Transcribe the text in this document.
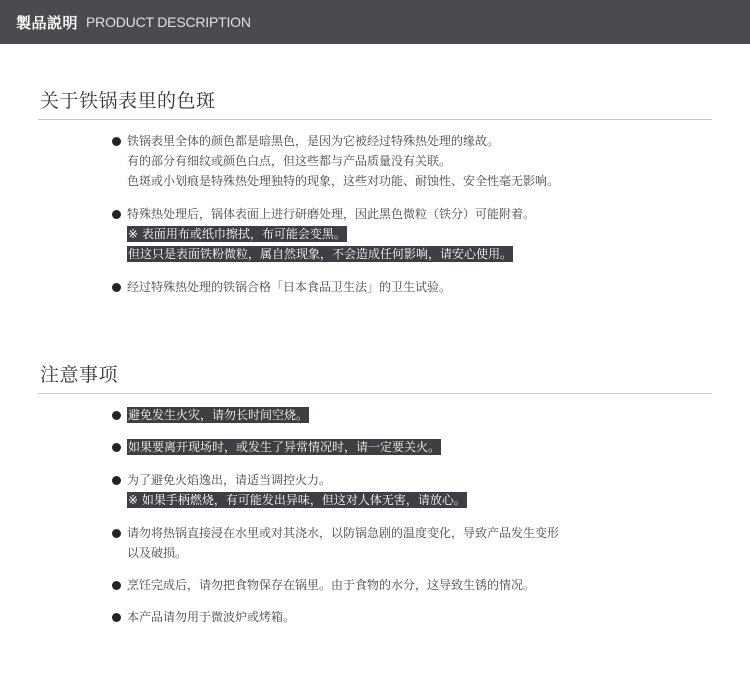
製品説明 PRODUCT DESCRIPTION
关于铁锅表里的色斑
铁锅表里全体的颜色都是暗黑色，是因为它被经过特殊热处理的缘故。
有的部分有细纹或颜色白点，但这些都与产品质量没有关联。
色斑或小划痕是特殊热处理独特的现象，这些对功能、耐蚀性、安全性毫无影响。
特殊热处理后，锅体表面上进行研磨处理，因此黑色微粒（铁分）可能附着。
※ 表面用布或纸巾擦拭，布可能会变黑。
但这只是表面铁粉微粒，属自然现象，不会造成任何影响，请安心使用。
经过特殊热处理的铁锅合格「日本食品卫生法」的卫生试验。
注意事项
避免发生火灾，请勿长时间空烧。
如果要离开现场时，或发生了异常情况时，请一定要关火。
为了避免火焰逸出，请适当调控火力。
※ 如果手柄燃烧，有可能发出异味，但这对人体无害，请放心。
请勿将热锅直接浸在水里或对其浇水，以防锅急剧的温度变化，导致产品发生变形
以及破损。
烹饪完成后，请勿把食物保存在锅里。由于食物的水分，这导致生锈的情况。
本产品请勿用于微波炉或烤箱。
